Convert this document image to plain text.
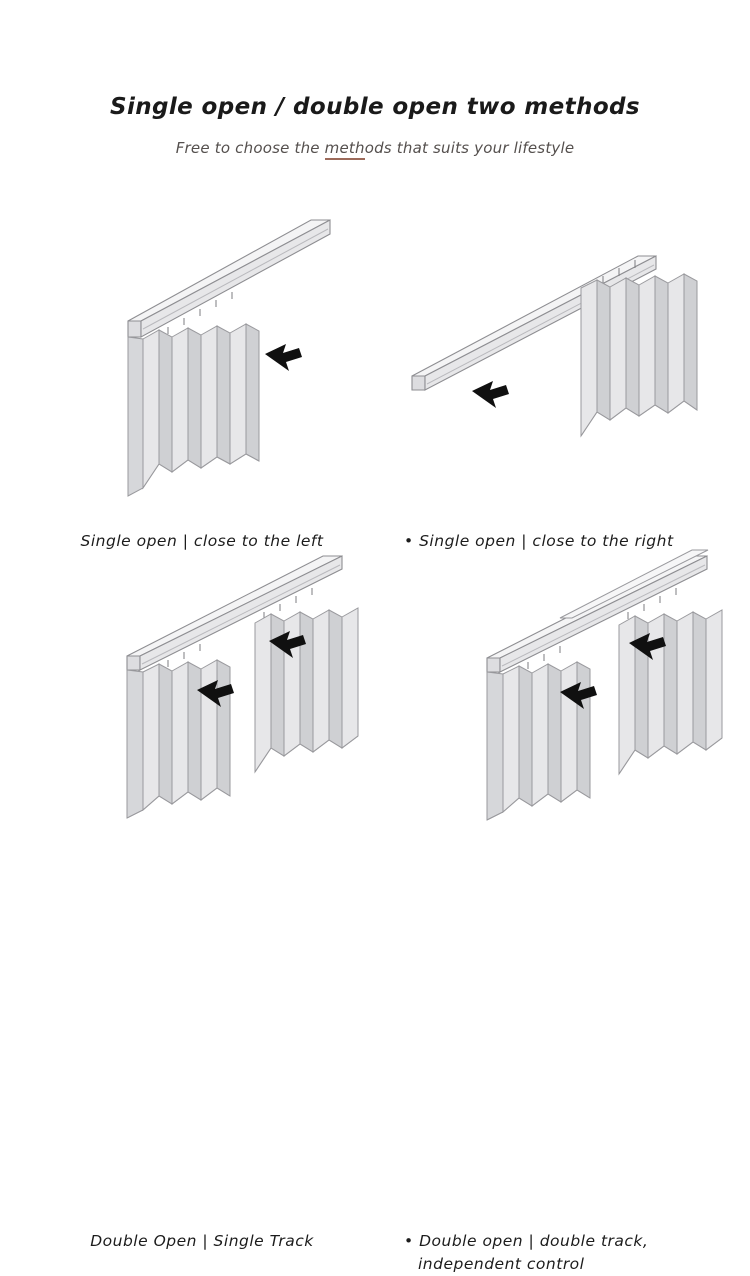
Single open / double open two methods
Free to choose the methods that suits your lifestyle
Single open | close to the left	• Single open | close to the right
Double Open | Single Track	• Double open | double track,
independent control
